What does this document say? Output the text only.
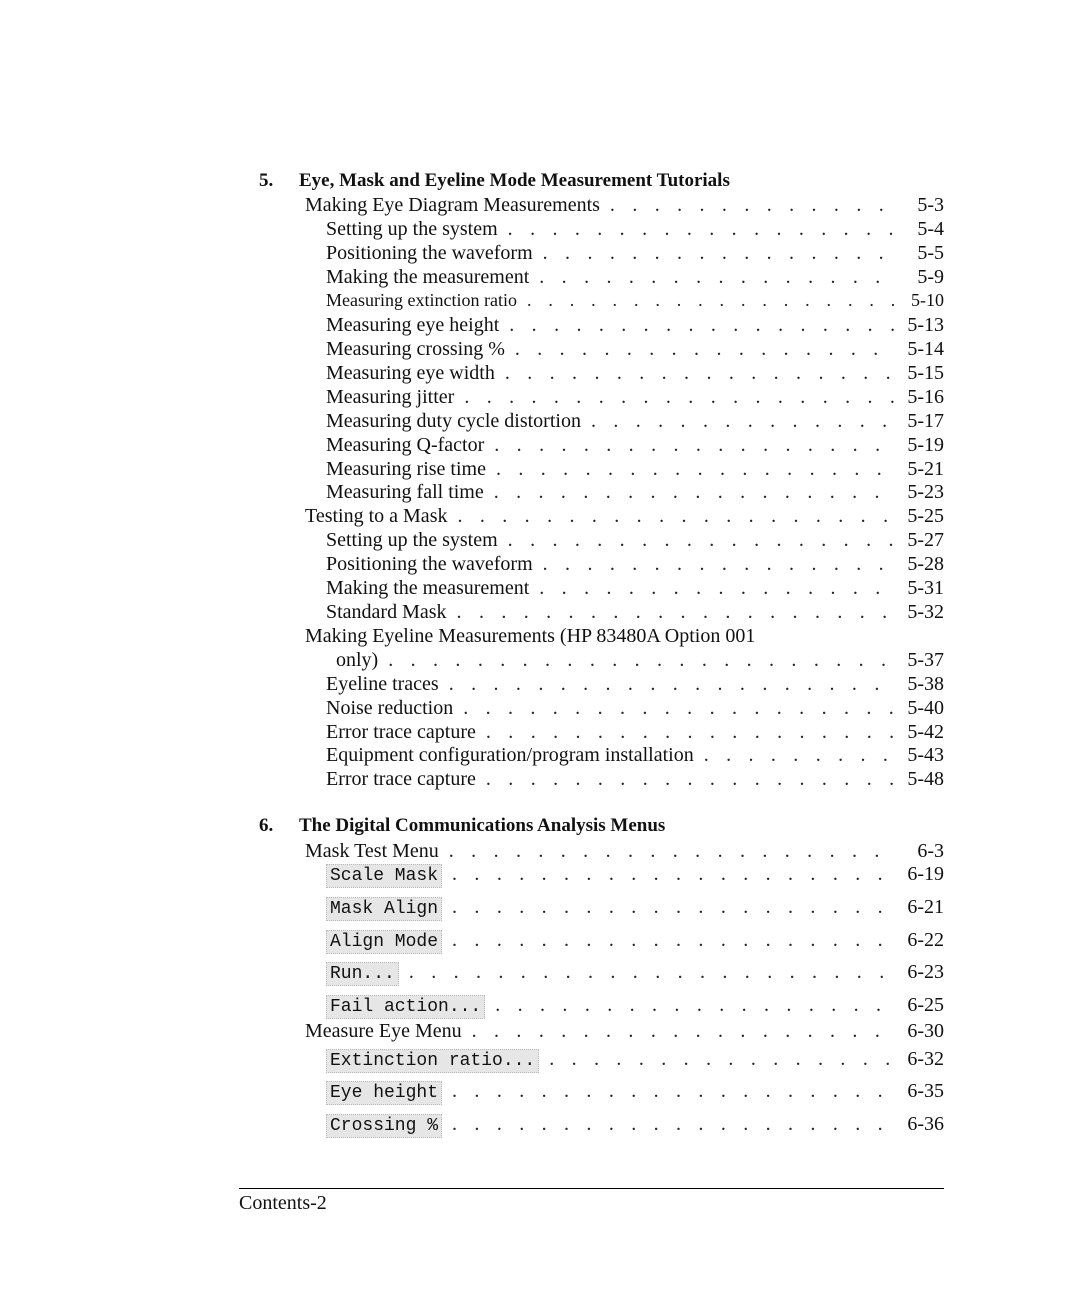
5. Eye, Mask and Eyeline Mode Measurement Tutorials
Making Eye Diagram Measurements . . .	5-3
Setting up the system . . .	5-4
Positioning the waveform . . .	5-5
Making the measurement . . .	5-9
Measuring extinction ratio . . .	5-10
Measuring eye height . . .	5-13
Measuring crossing % . . .	5-14
Measuring eye width . . .	5-15
Measuring jitter . . .	5-16
Measuring duty cycle distortion . . .	5-17
Measuring Q-factor . . .	5-19
Measuring rise time . . .	5-21
Measuring fall time . . .	5-23
Testing to a Mask . . .	5-25
Setting up the system . . .	5-27
Positioning the waveform . . .	5-28
Making the measurement . . .	5-31
Standard Mask . . .	5-32
Making Eyeline Measurements (HP 83480A Option 001
only) . . .	5-37
Eyeline traces . . .	5-38
Noise reduction . . .	5-40
Error trace capture . . .	5-42
Equipment configuration/program installation . . .	5-43
Error trace capture . . .	5-48
6. The Digital Communications Analysis Menus
Mask Test Menu . . .	6-3
Scale Mask . . .	6-19
Mask Align . . .	6-21
Align Mode . . .	6-22
Run... . . .	6-23
Fail action... . . .	6-25
Measure Eye Menu . . .	6-30
Extinction ratio... . . .	6-32
Eye height . . .	6-35
Crossing % . . .	6-36
Contents-2
